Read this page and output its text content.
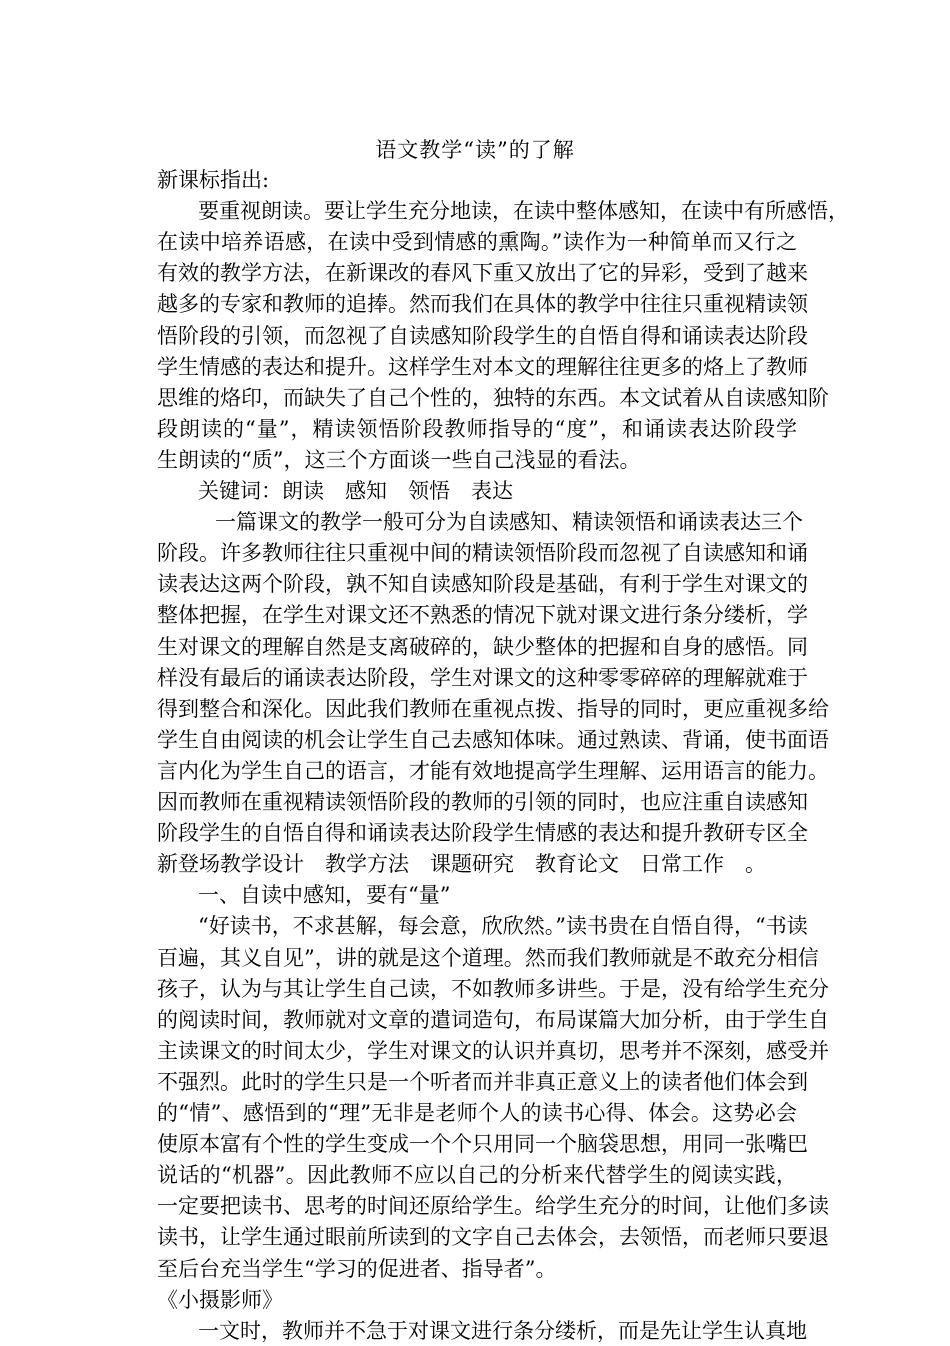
语文教学“读”的了解
新课标指出:
要重视朗读。要让学生充分地读，在读中整体感知，在读中有所感悟，
在读中培养语感，在读中受到情感的熏陶。”读作为一种简单而又行之
有效的教学方法，在新课改的春风下重又放出了它的异彩，受到了越来
越多的专家和教师的追捧。然而我们在具体的教学中往往只重视精读领
悟阶段的引领，而忽视了自读感知阶段学生的自悟自得和诵读表达阶段
学生情感的表达和提升。这样学生对本文的理解往往更多的烙上了教师
思维的烙印，而缺失了自己个性的，独特的东西。本文试着从自读感知阶
段朗读的“量”，精读领悟阶段教师指导的“度”，和诵读表达阶段学
生朗读的“质”，这三个方面谈一些自己浅显的看法。
关键词：朗读　感知　领悟　表达
一篇课文的教学一般可分为自读感知、精读领悟和诵读表达三个
阶段。许多教师往往只重视中间的精读领悟阶段而忽视了自读感知和诵
读表达这两个阶段，孰不知自读感知阶段是基础，有利于学生对课文的
整体把握，在学生对课文还不熟悉的情况下就对课文进行条分缕析，学
生对课文的理解自然是支离破碎的，缺少整体的把握和自身的感悟。同
样没有最后的诵读表达阶段，学生对课文的这种零零碎碎的理解就难于
得到整合和深化。因此我们教师在重视点拨、指导的同时，更应重视多给
学生自由阅读的机会让学生自己去感知体味。通过熟读、背诵，使书面语
言内化为学生自己的语言，才能有效地提高学生理解、运用语言的能力。
因而教师在重视精读领悟阶段的教师的引领的同时，也应注重自读感知
阶段学生的自悟自得和诵读表达阶段学生情感的表达和提升教研专区全
新登场教学设计　教学方法　课题研究　教育论文　日常工作　。
一、自读中感知，要有“量”
“好读书，不求甚解，每会意，欣欣然。”读书贵在自悟自得，“书读
百遍，其义自见”，讲的就是这个道理。然而我们教师就是不敢充分相信
孩子，认为与其让学生自己读，不如教师多讲些。于是，没有给学生充分
的阅读时间，教师就对文章的遣词造句，布局谋篇大加分析，由于学生自
主读课文的时间太少，学生对课文的认识并真切，思考并不深刻，感受并
不强烈。此时的学生只是一个听者而并非真正意义上的读者他们体会到
的“情”、感悟到的“理”无非是老师个人的读书心得、体会。这势必会
使原本富有个性的学生变成一个个只用同一个脑袋思想，用同一张嘴巴
说话的“机器”。因此教师不应以自己的分析来代替学生的阅读实践，
一定要把读书、思考的时间还原给学生。给学生充分的时间，让他们多读
读书，让学生通过眼前所读到的文字自己去体会，去领悟，而老师只要退
至后台充当学生“学习的促进者、指导者”。
《小摄影师》
一文时，教师并不急于对课文进行条分缕析，而是先让学生认真地
